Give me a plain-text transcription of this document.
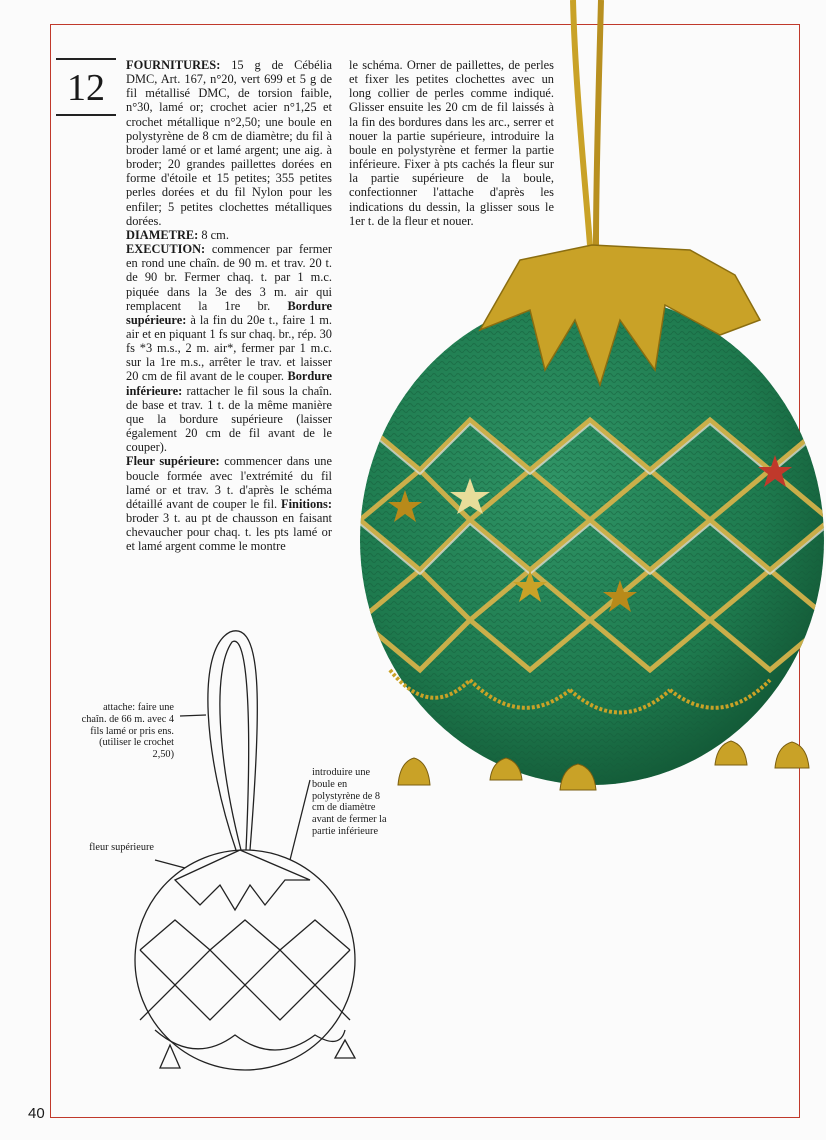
12

FOURNITURES: 15 g de Cébélia DMC, Art. 167, n°20, vert 699 et 5 g de fil métallisé DMC, de torsion faible, n°30, lamé or; crochet acier n°1,25 et crochet métallique n°2,50; une boule en polystyrène de 8 cm de diamètre; du fil à broder lamé or et lamé argent; une aig. à broder; 20 grandes paillettes dorées en forme d'étoile et 15 petites; 355 petites perles dorées et du fil Nylon pour les enfiler; 5 petites clochettes métalliques dorées.
DIAMETRE: 8 cm.
EXECUTION: commencer par fermer en rond une chaîn. de 90 m. et trav. 20 t. de 90 br. Fermer chaq. t. par 1 m.c. piquée dans la 3e des 3 m. air qui remplacent la 1re br. Bordure supérieure: à la fin du 20e t., faire 1 m. air et en piquant 1 fs sur chaq. br., rép. 30 fs *3 m.s., 2 m. air*, fermer par 1 m.c. sur la 1re m.s., arrêter le trav. et laisser 20 cm de fil avant de le couper. Bordure inférieure: rattacher le fil sous la chaîn. de base et trav. 1 t. de la même manière que la bordure supérieure (laisser également 20 cm de fil avant de le couper).
Fleur supérieure: commencer dans une boucle formée avec l'extrémité du fil lamé or et trav. 3 t. d'après le schéma détaillé avant de couper le fil. Finitions: broder 3 t. au pt de chausson en faisant chevaucher pour chaq. t. les pts lamé or et lamé argent comme le montre

le schéma. Orner de paillettes, de perles et fixer les petites clochettes avec un long collier de perles comme indiqué. Glisser ensuite les 20 cm de fil laissés à la fin des bordures dans les arc., serrer et nouer la partie supérieure, introduire la boule en polystyrène et fermer la partie inférieure. Fixer à pts cachés la fleur sur la partie supérieure de la boule, confectionner l'attache d'après les indications du dessin, la glisser sous le 1er t. de la fleur et nouer.

attache: faire une chaîn. de 66 m. avec 4 fils lamé or pris ens. (utiliser le crochet 2,50)
introduire une boule en polystyrène de 8 cm de diamètre avant de fermer la partie inférieure
fleur supérieure
40
